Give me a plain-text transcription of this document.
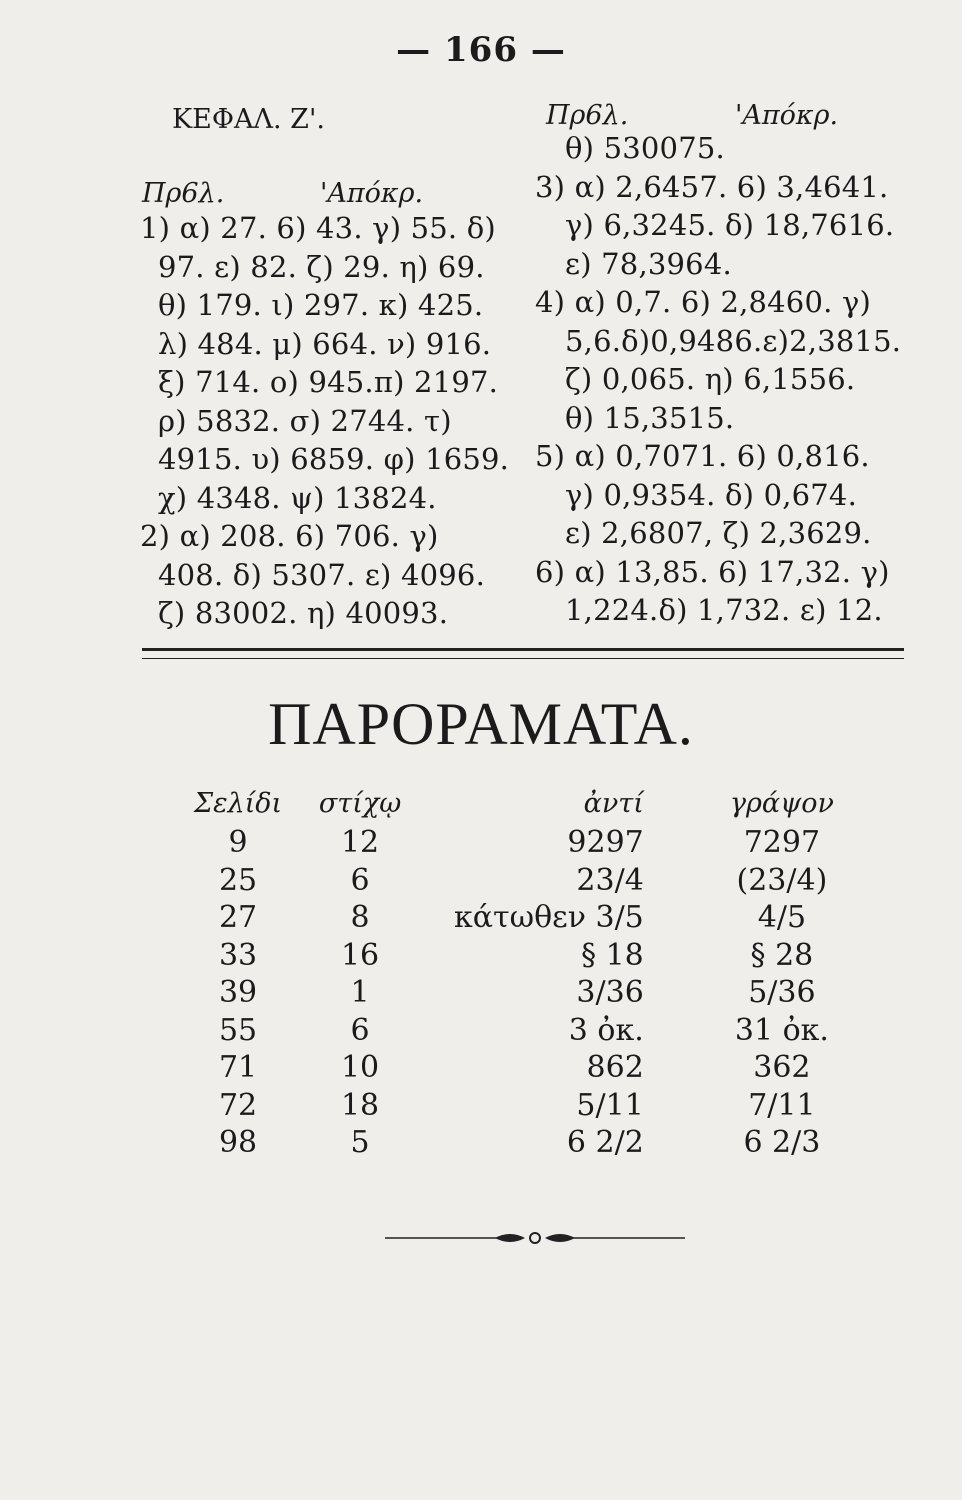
— 166 —
ΚΕΦΑΛ. Ζ'.	Πρ6λ.	'Απόκρ.
Πρ6λ.	'Απόκρ.
1) α) 27. 6) 43. γ) 55. δ)
97. ε) 82. ζ) 29. η) 69.
θ) 179. ι) 297. κ) 425.
λ) 484. μ) 664. ν) 916.
ξ) 714. ο) 945.π) 2197.
ρ) 5832. σ) 2744. τ)
4915. υ) 6859. φ) 1659.
χ) 4348. ψ) 13824.
2) α) 208. 6) 706. γ)
408. δ) 5307. ε) 4096.
ζ) 83002. η) 40093.
θ) 530075.
3) α) 2,6457. 6) 3,4641.
γ) 6,3245. δ) 18,7616.
ε) 78,3964.
4) α) 0,7. 6) 2,8460. γ)
5,6.δ)0,9486.ε)2,3815.
ζ) 0,065. η) 6,1556.
θ) 15,3515.
5) α) 0,7071. 6) 0,816.
γ) 0,9354. δ) 0,674.
ε) 2,6807, ζ) 2,3629.
6) α) 13,85. 6) 17,32. γ)
1,224.δ) 1,732. ε) 12.
ΠΑΡΟΡΑΜΑΤΑ.
Σελίδι	στίχῳ	ἀντί	γράψον
9	12	9297	7297
25	6	23/4	(23/4)
27	8	κάτωθεν 3/5	4/5
33	16	§ 18	§ 28
39	1	3/36	5/36
55	6	3 ὀκ.	31 ὀκ.
71	10	862	362
72	18	5/11	7/11
98	5	6 2/2	6 2/3
